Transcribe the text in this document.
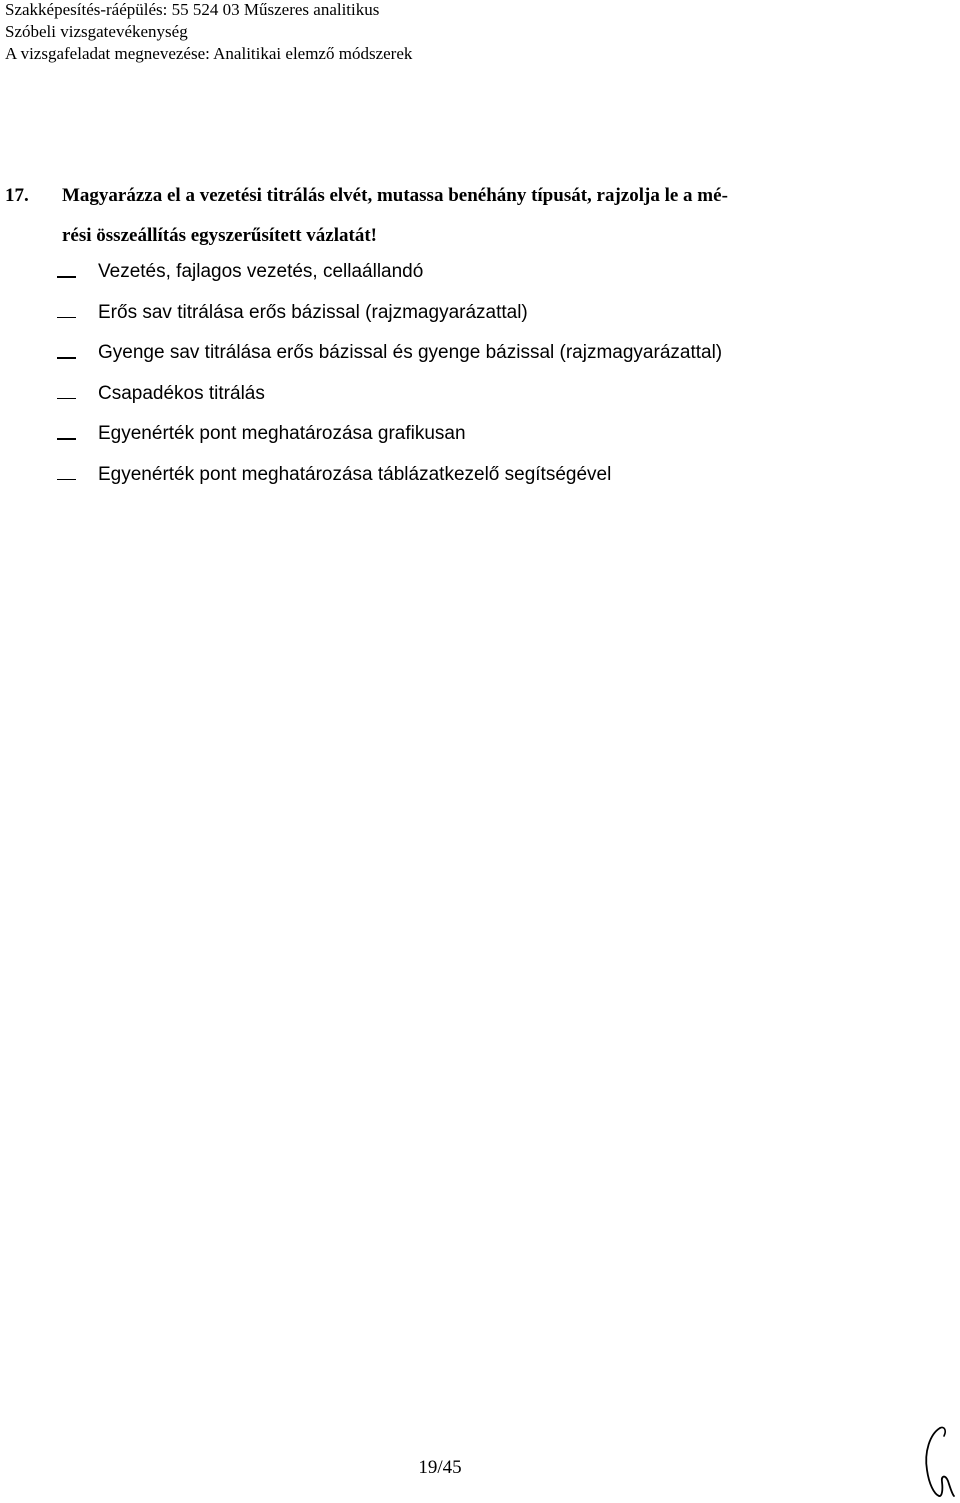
Szakképesítés-ráépülés: 55 524 03 Műszeres analitikus
Szóbeli vizsgatevékenység
A vizsgafeladat megnevezése: Analitikai elemző módszerek
17. Magyarázza el a vezetési titrálás elvét, mutassa benéhány típusát, rajzolja le a mé-
rési összeállítás egyszerűsített vázlatát!
Vezetés, fajlagos vezetés, cellaállandó
Erős sav titrálása erős bázissal (rajzmagyarázattal)
Gyenge sav titrálása erős bázissal és gyenge bázissal (rajzmagyarázattal)
Csapadékos titrálás
Egyenérték pont meghatározása grafikusan
Egyenérték pont meghatározása táblázatkezelő segítségével
19/45
